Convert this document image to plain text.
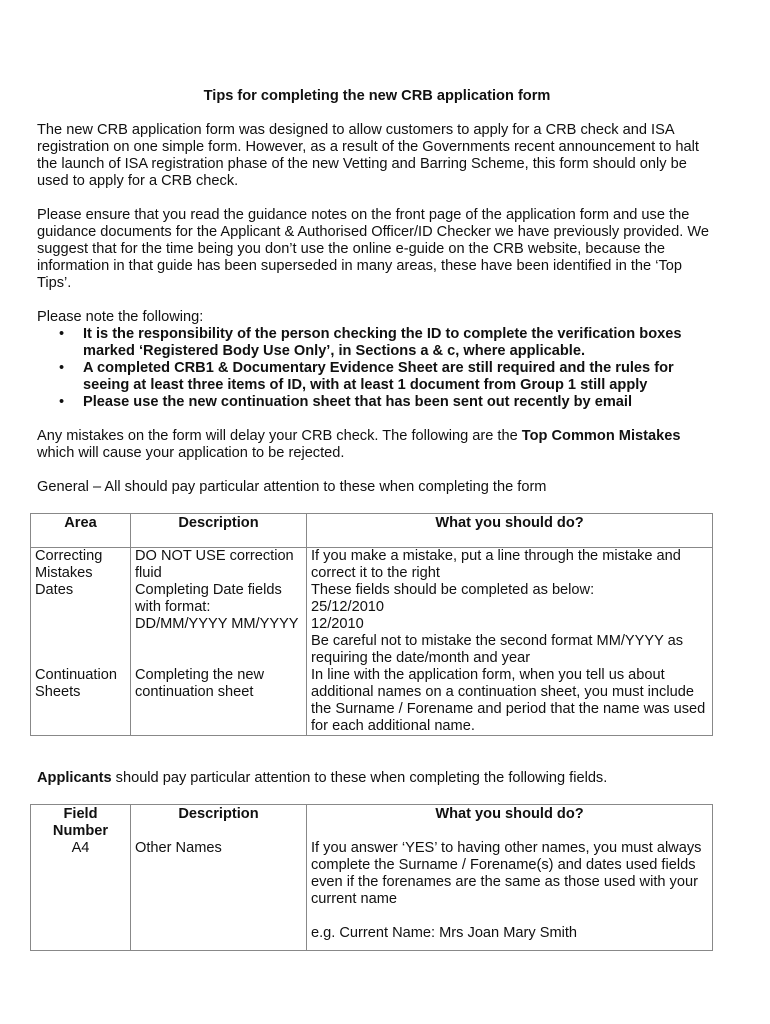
Tips for completing the new CRB application form

The new CRB application form was designed to allow customers to apply for a CRB check and ISA registration on one simple form. However, as a result of the Governments recent announcement to halt the launch of ISA registration phase of the new Vetting and Barring Scheme, this form should only be used to apply for a CRB check.

Please ensure that you read the guidance notes on the front page of the application form and use the guidance documents for the Applicant & Authorised Officer/ID Checker we have previously provided. We suggest that for the time being you don’t use the online e-guide on the CRB website, because the information in that guide has been superseded in many areas, these have been identified in the ‘Top Tips’.

Please note the following:
• It is the responsibility of the person checking the ID to complete the verification boxes marked ‘Registered Body Use Only’, in Sections a & c, where applicable.
• A completed CRB1 & Documentary Evidence Sheet are still required and the rules for seeing at least three items of ID, with at least 1 document from Group 1 still apply
• Please use the new continuation sheet that has been sent out recently by email

Any mistakes on the form will delay your CRB check. The following are the Top Common Mistakes which will cause your application to be rejected.

General – All should pay particular attention to these when completing the form

Area	Description	What you should do?
Correcting Mistakes	DO NOT USE correction fluid	If you make a mistake, put a line through the mistake and correct it to the right
Dates	Completing Date fields with format: DD/MM/YYYY MM/YYYY	These fields should be completed as below:
25/12/2010
12/2010
Be careful not to mistake the second format MM/YYYY as requiring the date/month and year

Continuation Sheets	Completing the new continuation sheet	In line with the application form, when you tell us about additional names on a continuation sheet, you must include the Surname / Forename and period that the name was used for each additional name.

Applicants should pay particular attention to these when completing the following fields.

Field Number	Description	What you should do?
A4	Other Names	If you answer ‘YES’ to having other names, you must always complete the Surname / Forename(s) and dates used fields even if the forenames are the same as those used with your current name
e.g. Current Name: Mrs Joan Mary Smith
